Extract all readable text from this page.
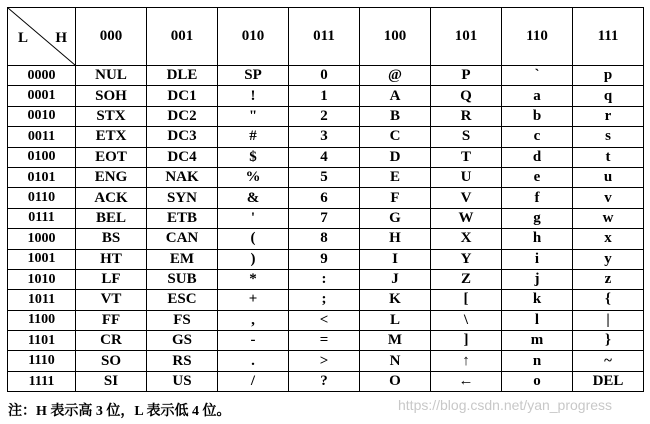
L H	000	001	010	011	100	101	110	111
0000	NUL	DLE	SP	0	@	P	`	p
0001	SOH	DC1	!	1	A	Q	a	q
0010	STX	DC2	"	2	B	R	b	r
0011	ETX	DC3	#	3	C	S	c	s
0100	EOT	DC4	$	4	D	T	d	t
0101	ENG	NAK	%	5	E	U	e	u
0110	ACK	SYN	&	6	F	V	f	v
0111	BEL	ETB	'	7	G	W	g	w
1000	BS	CAN	(	8	H	X	h	x
1001	HT	EM	)	9	I	Y	i	y
1010	LF	SUB	*	:	J	Z	j	z
1011	VT	ESC	+	;	K	[	k	{
1100	FF	FS	,	<	L	\	l	|
1101	CR	GS	-	=	M	]	m	}
1110	SO	RS	.	>	N	↑	n	~
1111	SI	US	/	?	O	←	o	DEL
注：H 表示高 3 位，L 表示低 4 位。	https://blog.csdn.net/yan_progress
